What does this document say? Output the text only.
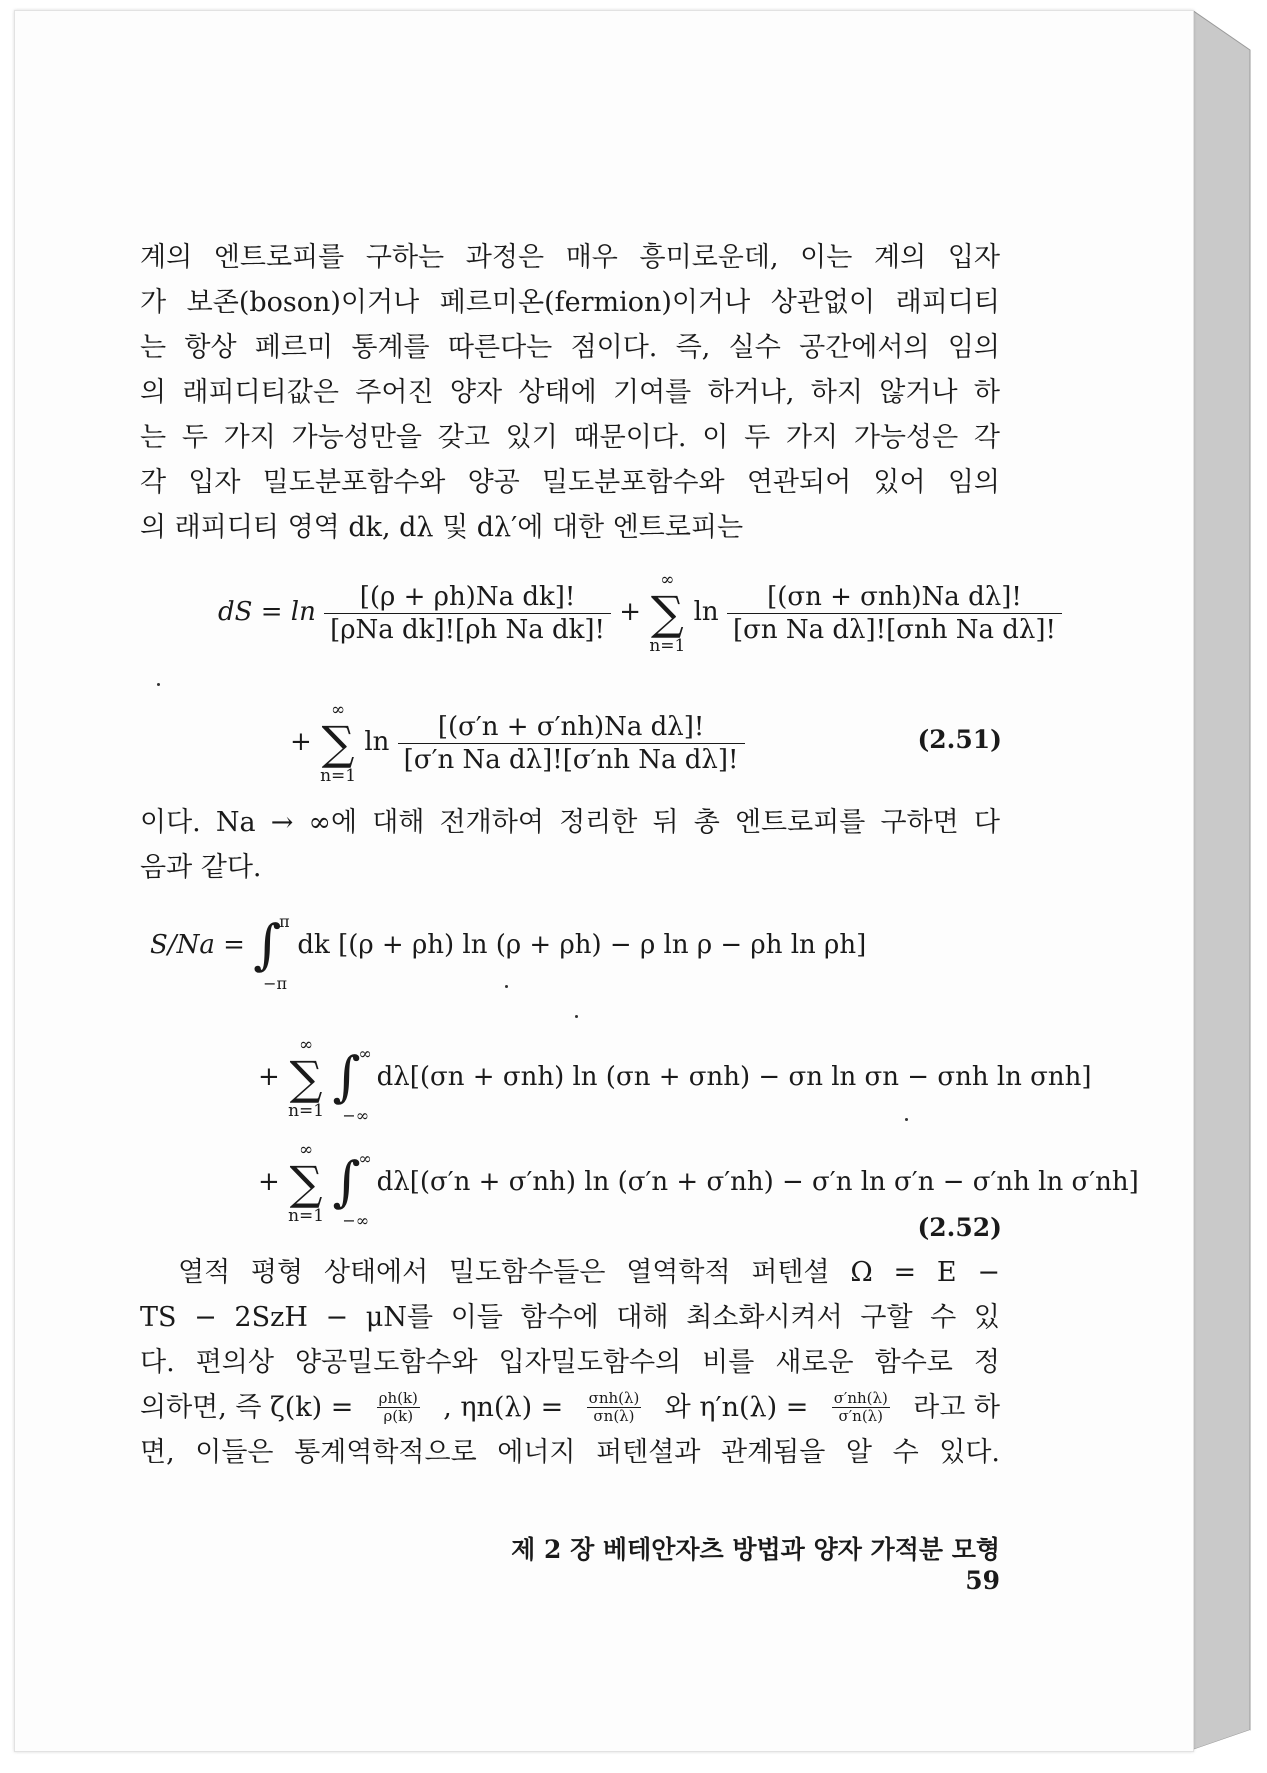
계의 엔트로피를 구하는 과정은 매우 흥미로운데, 이는 계의 입자
가 보존(boson)이거나 페르미온(fermion)이거나 상관없이 래피디티
는 항상 페르미 통계를 따른다는 점이다. 즉, 실수 공간에서의 임의
의 래피디티값은 주어진 양자 상태에 기여를 하거나, 하지 않거나 하
는 두 가지 가능성만을 갖고 있기 때문이다. 이 두 가지 가능성은 각
각 입자 밀도분포함수와 양공 밀도분포함수와 연관되어 있어 임의
의 래피디티 영역 dk, dλ 및 dλ′에 대한 엔트로피는
dS = $\ln \frac{\text{[(ρ + ρh)Na dk]!}}{\text{[ρNa dk]![ρh Na dk]!}}$ +
∞
∑
n=1
$\ln \frac{\text{[(σn + σnh)Na dλ]!}}{\text{[σn Na dλ]![σnh Na dλ]!}}$
+
∞
∑
n=1
$\ln \frac{\text{[(σ′n + σ′nh)Na dλ]!}}{\text{[σ′n Na dλ]![σ′nh Na dλ]!}}$	(2.51)
이다. Na → ∞에 대해 전개하여 정리한 뒤 총 엔트로피를 구하면 다
음과 같다.
S/Na = ∫
π
−π
dk [(ρ + ρh) ln (ρ + ρh) − ρ ln ρ − ρh ln ρh]
+
∞
∑
n=1

∫
∞
−∞
dλ[(σn + σnh) ln (σn + σnh) − σn ln σn − σnh ln σnh]
+
∞
∑
n=1

∫
∞
−∞
dλ[(σ′n + σ′nh) ln (σ′n + σ′nh) − σ′n ln σ′n − σ′nh ln σ′nh]
(2.52)
열적 평형 상태에서 밀도함수들은 열역학적 퍼텐셜 Ω = E −
TS − 2SzH − μN를 이들 함수에 대해 최소화시켜서 구할 수 있
다. 편의상 양공밀도함수와 입자밀도함수의 비를 새로운 함수로 정
의하면, 즉 $\zeta(k) = \frac{\rho h(k)}{\rho(k)}$ , ηn(λ) = σnh(λ)
σn(λ) 와 $\eta'n(\lambda) = \frac{\sigma'nh(\lambda)}{\sigma'n(\lambda)}$ 라고 하
면, 이들은 통계역학적으로 에너지 퍼텐셜과 관계됨을 알 수 있다.
제 2 장 베테안자츠 방법과 양자 가적분 모형 59
